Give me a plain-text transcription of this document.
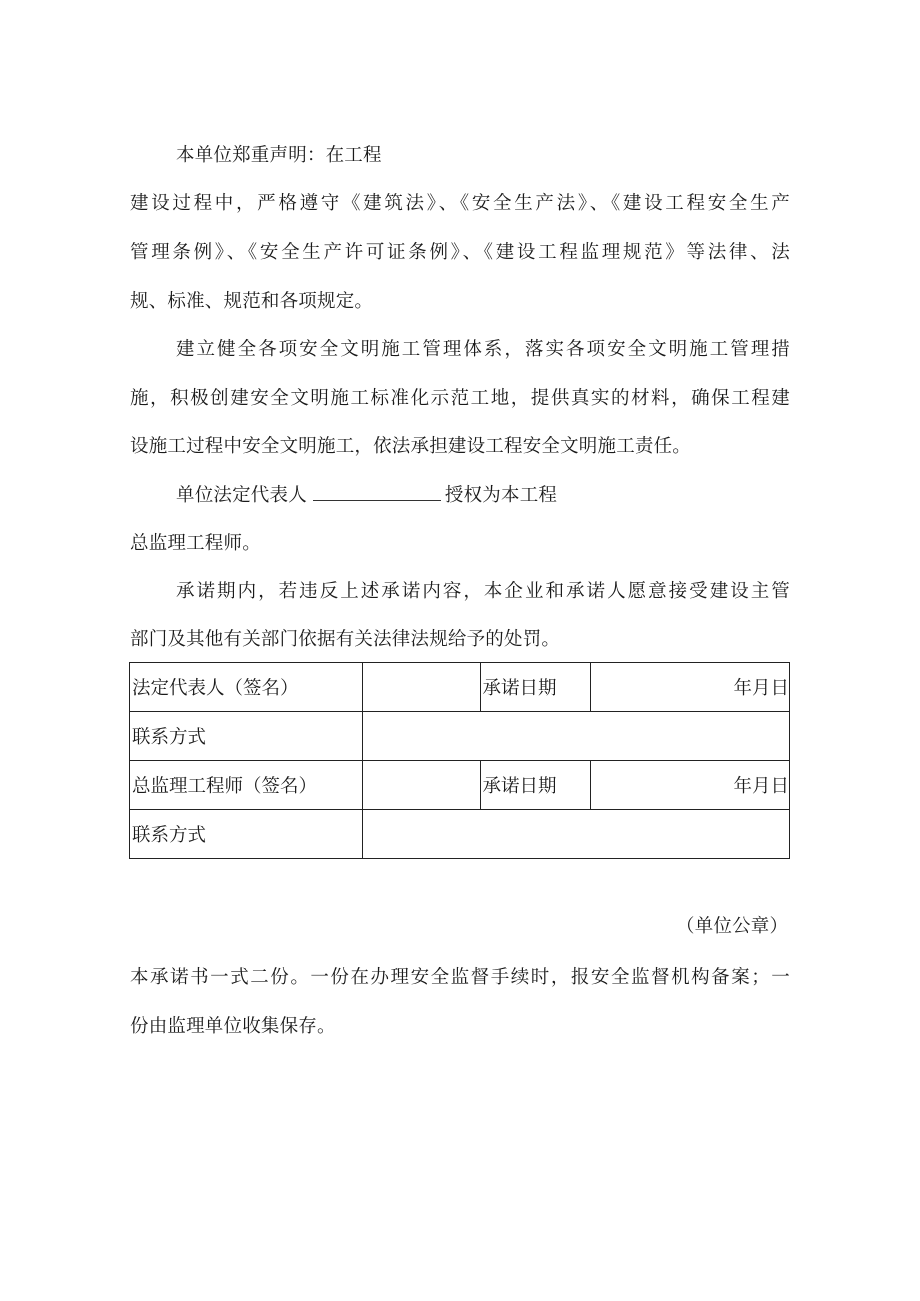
本单位郑重声明：在工程
建设过程中，严格遵守《建筑法》、《安全生产法》、《建设工程安全生产
管理条例》、《安全生产许可证条例》、《建设工程监理规范》等法律、法
规、标准、规范和各项规定。
建立健全各项安全文明施工管理体系，落实各项安全文明施工管理措
施，积极创建安全文明施工标准化示范工地，提供真实的材料，确保工程建
设施工过程中安全文明施工，依法承担建设工程安全文明施工责任。
单位法定代表人	授权为本工程
总监理工程师。
承诺期内，若违反上述承诺内容，本企业和承诺人愿意接受建设主管
部门及其他有关部门依据有关法律法规给予的处罚。
法定代表人（签名）		承诺日期	年月日
联系方式			
总监理工程师（签名）		承诺日期	年月日
联系方式			
（单位公章）
本承诺书一式二份。一份在办理安全监督手续时，报安全监督机构备案；一
份由监理单位收集保存。
